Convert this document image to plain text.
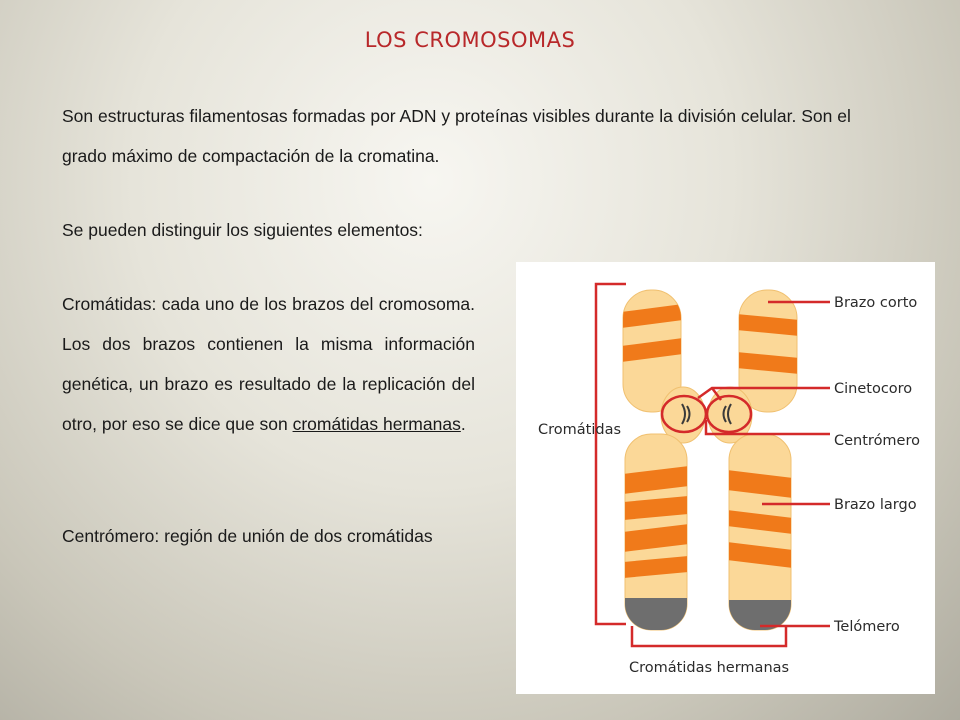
LOS CROMOSOMAS
Son estructuras filamentosas formadas por ADN y proteínas visibles durante la división celular. Son el grado máximo de compactación de la cromatina.
Se pueden distinguir los siguientes elementos:
Cromátidas: cada uno de los brazos del cromosoma. Los dos brazos contienen la misma información genética, un brazo es resultado de la replicación del otro, por eso se dice que son cromátidas hermanas.
Centrómero: región de unión de dos cromátidas
Cromátidas
Brazo corto
Cinetocoro
Centrómero
Brazo largo
Telómero
Cromátidas hermanas
